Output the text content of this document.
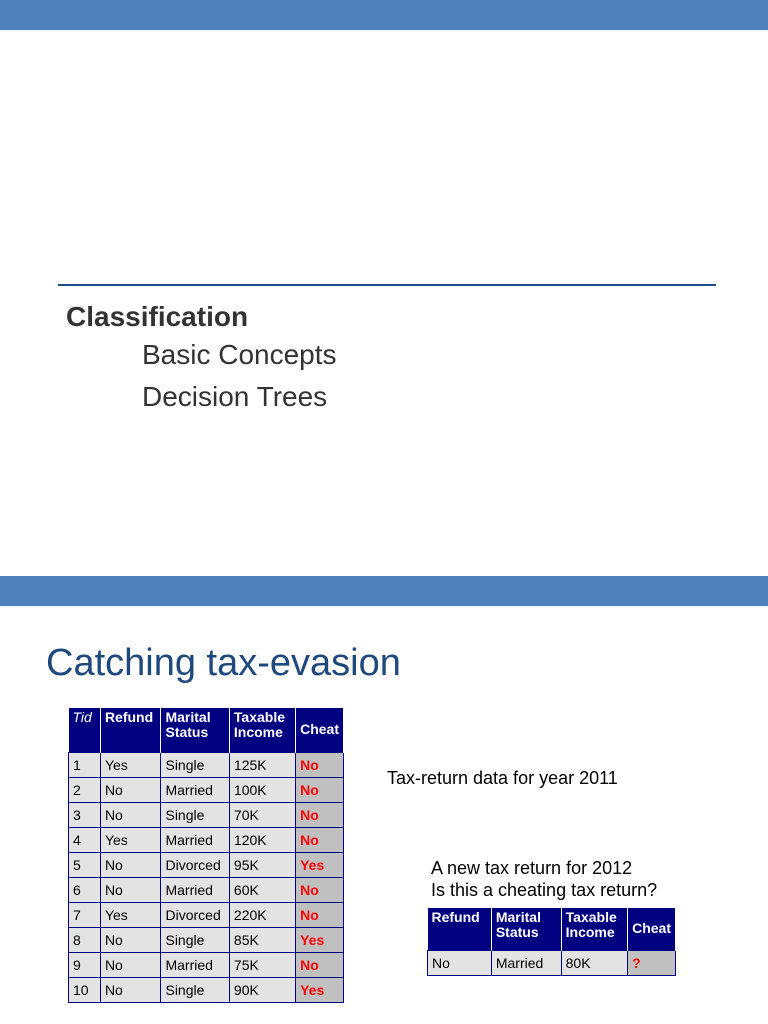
Classification

Basic Concepts
Decision Trees
Catching tax-evasion
Tid	Refund	Marital Status	Taxable Income	Cheat
1	Yes	Single	125K	No
2	No	Married	100K	No
3	No	Single	70K	No
4	Yes	Married	120K	No
5	No	Divorced	95K	Yes
6	No	Married	60K	No
7	Yes	Divorced	220K	No
8	No	Single	85K	Yes
9	No	Married	75K	No
10	No	Single	90K	Yes
Tax-return data for year 2011
A new tax return for 2012
Is this a cheating tax return?
Refund	Marital Status	Taxable Income	Cheat
No	Married	80K	?
